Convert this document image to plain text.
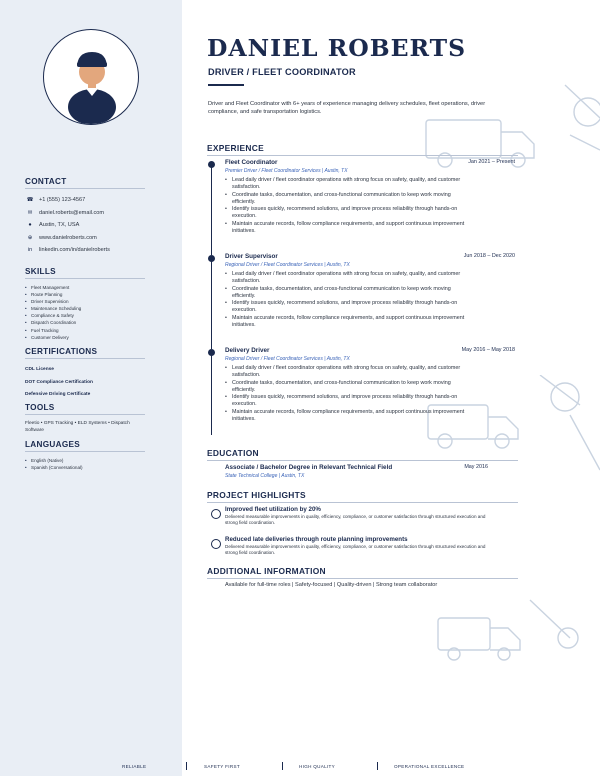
CONTACT
☎ +1 (555) 123-4567
✉	daniel.roberts@email.com
●	Austin, TX, USA
⊕	www.danielroberts.com
in	linkedin.com/in/danielroberts
SKILLS
• Fleet Management
• Route Planning
• Driver Supervision
• Maintenance Scheduling
• Compliance & Safety
• Dispatch Coordination
• Fuel Tracking
• Customer Delivery
CERTIFICATIONS
CDL License
DOT Compliance Certification
Defensive Driving Certificate
TOOLS
Fleetio • GPS Tracking • ELD Systems • Dispatch Software
LANGUAGES
• English (Native)
• Spanish (Conversational)
DANIEL ROBERTS
DRIVER / FLEET COORDINATOR
Driver and Fleet Coordinator with 6+ years of experience managing delivery schedules, fleet operations, driver compliance, and safe transportation logistics.
EXPERIENCE
Fleet Coordinator	Jan 2021 – Present
Premier Driver / Fleet Coordinator Services | Austin, TX
• Lead daily driver / fleet coordinator operations with strong focus on safety, quality, and customer satisfaction.
• Coordinate tasks, documentation, and cross-functional communication to keep work moving efficiently.
• Identify issues quickly, recommend solutions, and improve process reliability through hands-on execution.
• Maintain accurate records, follow compliance requirements, and support continuous improvement initiatives.
Driver Supervisor	Jun 2018 – Dec 2020
Regional Driver / Fleet Coordinator Services | Austin, TX
• Lead daily driver / fleet coordinator operations with strong focus on safety, quality, and customer satisfaction.
• Coordinate tasks, documentation, and cross-functional communication to keep work moving efficiently.
• Identify issues quickly, recommend solutions, and improve process reliability through hands-on execution.
• Maintain accurate records, follow compliance requirements, and support continuous improvement initiatives.
Delivery Driver	May 2016 – May 2018
Regional Driver / Fleet Coordinator Services | Austin, TX
• Lead daily driver / fleet coordinator operations with strong focus on safety, quality, and customer satisfaction.
• Coordinate tasks, documentation, and cross-functional communication to keep work moving efficiently.
• Identify issues quickly, recommend solutions, and improve process reliability through hands-on execution.
• Maintain accurate records, follow compliance requirements, and support continuous improvement initiatives.
EDUCATION
Associate / Bachelor Degree in Relevant Technical Field	May 2016
State Technical College | Austin, TX
PROJECT HIGHLIGHTS
Improved fleet utilization by 20%
Delivered measurable improvements in quality, efficiency, compliance, or customer satisfaction through structured execution and strong field coordination.
Reduced late deliveries through route planning improvements
Delivered measurable improvements in quality, efficiency, compliance, or customer satisfaction through structured execution and strong field coordination.
ADDITIONAL INFORMATION
Available for full-time roles | Safety-focused | Quality-driven | Strong team collaborator
RELIABLE	SAFETY FIRST	HIGH QUALITY	OPERATIONAL EXCELLENCE
